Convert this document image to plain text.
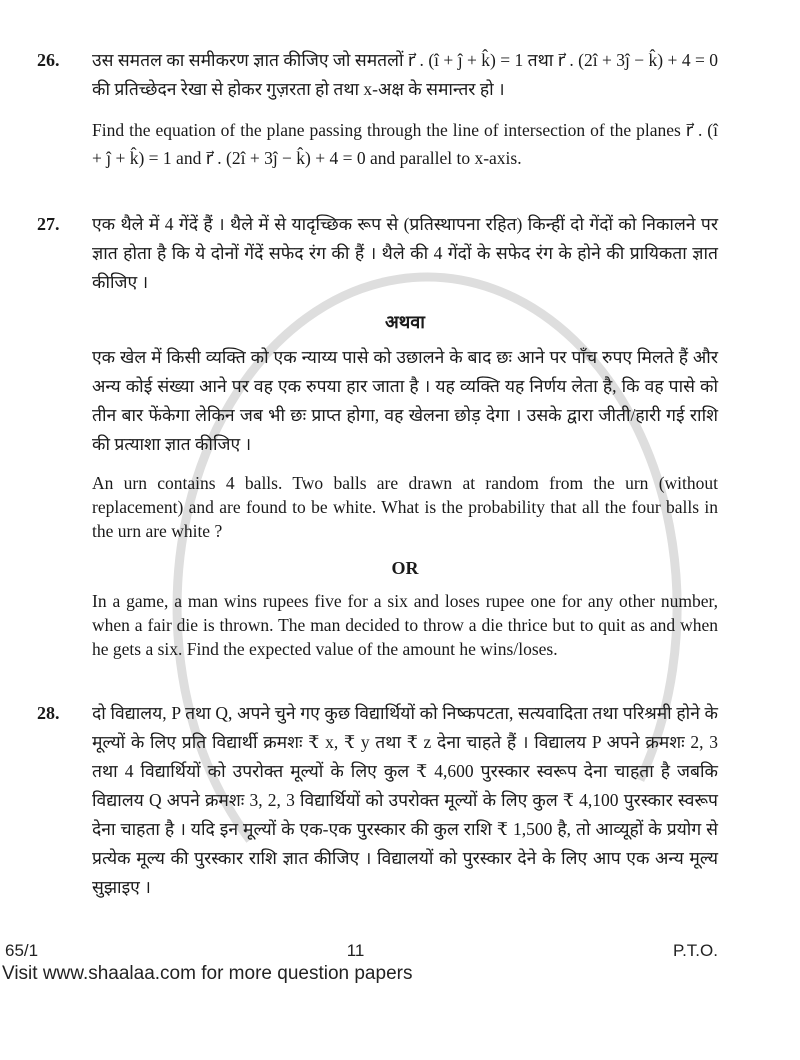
26.	उस समतल का समीकरण ज्ञात कीजिए जो समतलों r⃗ . (î + ĵ + k̂) = 1 तथा r⃗ . (2î + 3ĵ − k̂) + 4 = 0 की प्रतिच्छेदन रेखा से होकर गुज़रता हो तथा x-अक्ष के समान्तर हो ।

Find the equation of the plane passing through the line of intersection of the planes r⃗ . (î + ĵ + k̂) = 1 and r⃗ . (2î + 3ĵ − k̂) + 4 = 0 and parallel to x-axis.

27.	एक थैले में 4 गेंदें हैं । थैले में से यादृच्छिक रूप से (प्रतिस्थापना रहित) किन्हीं दो गेंदों को निकालने पर ज्ञात होता है कि ये दोनों गेंदें सफेद रंग की हैं । थैले की 4 गेंदों के सफेद रंग के होने की प्रायिकता ज्ञात कीजिए ।

अथवा

एक खेल में किसी व्यक्ति को एक न्याय्य पासे को उछालने के बाद छः आने पर पाँच रुपए मिलते हैं और अन्य कोई संख्या आने पर वह एक रुपया हार जाता है । यह व्यक्ति यह निर्णय लेता है, कि वह पासे को तीन बार फेंकेगा लेकिन जब भी छः प्राप्त होगा, वह खेलना छोड़ देगा । उसके द्वारा जीती/हारी गई राशि की प्रत्याशा ज्ञात कीजिए ।

An urn contains 4 balls. Two balls are drawn at random from the urn (without replacement) and are found to be white. What is the probability that all the four balls in the urn are white ?

OR

In a game, a man wins rupees five for a six and loses rupee one for any other number, when a fair die is thrown. The man decided to throw a die thrice but to quit as and when he gets a six. Find the expected value of the amount he wins/loses.

28.	दो विद्यालय, P तथा Q, अपने चुने गए कुछ विद्यार्थियों को निष्कपटता, सत्यवादिता तथा परिश्रमी होने के मूल्यों के लिए प्रति विद्यार्थी क्रमशः ₹ x, ₹ y तथा ₹ z देना चाहते हैं । विद्यालय P अपने क्रमशः 2, 3 तथा 4 विद्यार्थियों को उपरोक्त मूल्यों के लिए कुल ₹ 4,600 पुरस्कार स्वरूप देना चाहता है जबकि विद्यालय Q अपने क्रमशः 3, 2, 3 विद्यार्थियों को उपरोक्त मूल्यों के लिए कुल ₹ 4,100 पुरस्कार स्वरूप देना चाहता है । यदि इन मूल्यों के एक-एक पुरस्कार की कुल राशि ₹ 1,500 है, तो आव्यूहों के प्रयोग से प्रत्येक मूल्य की पुरस्कार राशि ज्ञात कीजिए । विद्यालयों को पुरस्कार देने के लिए आप एक अन्य मूल्य सुझाइए ।

65/1	11	P.T.O.
Visit www.shaalaa.com for more question papers
